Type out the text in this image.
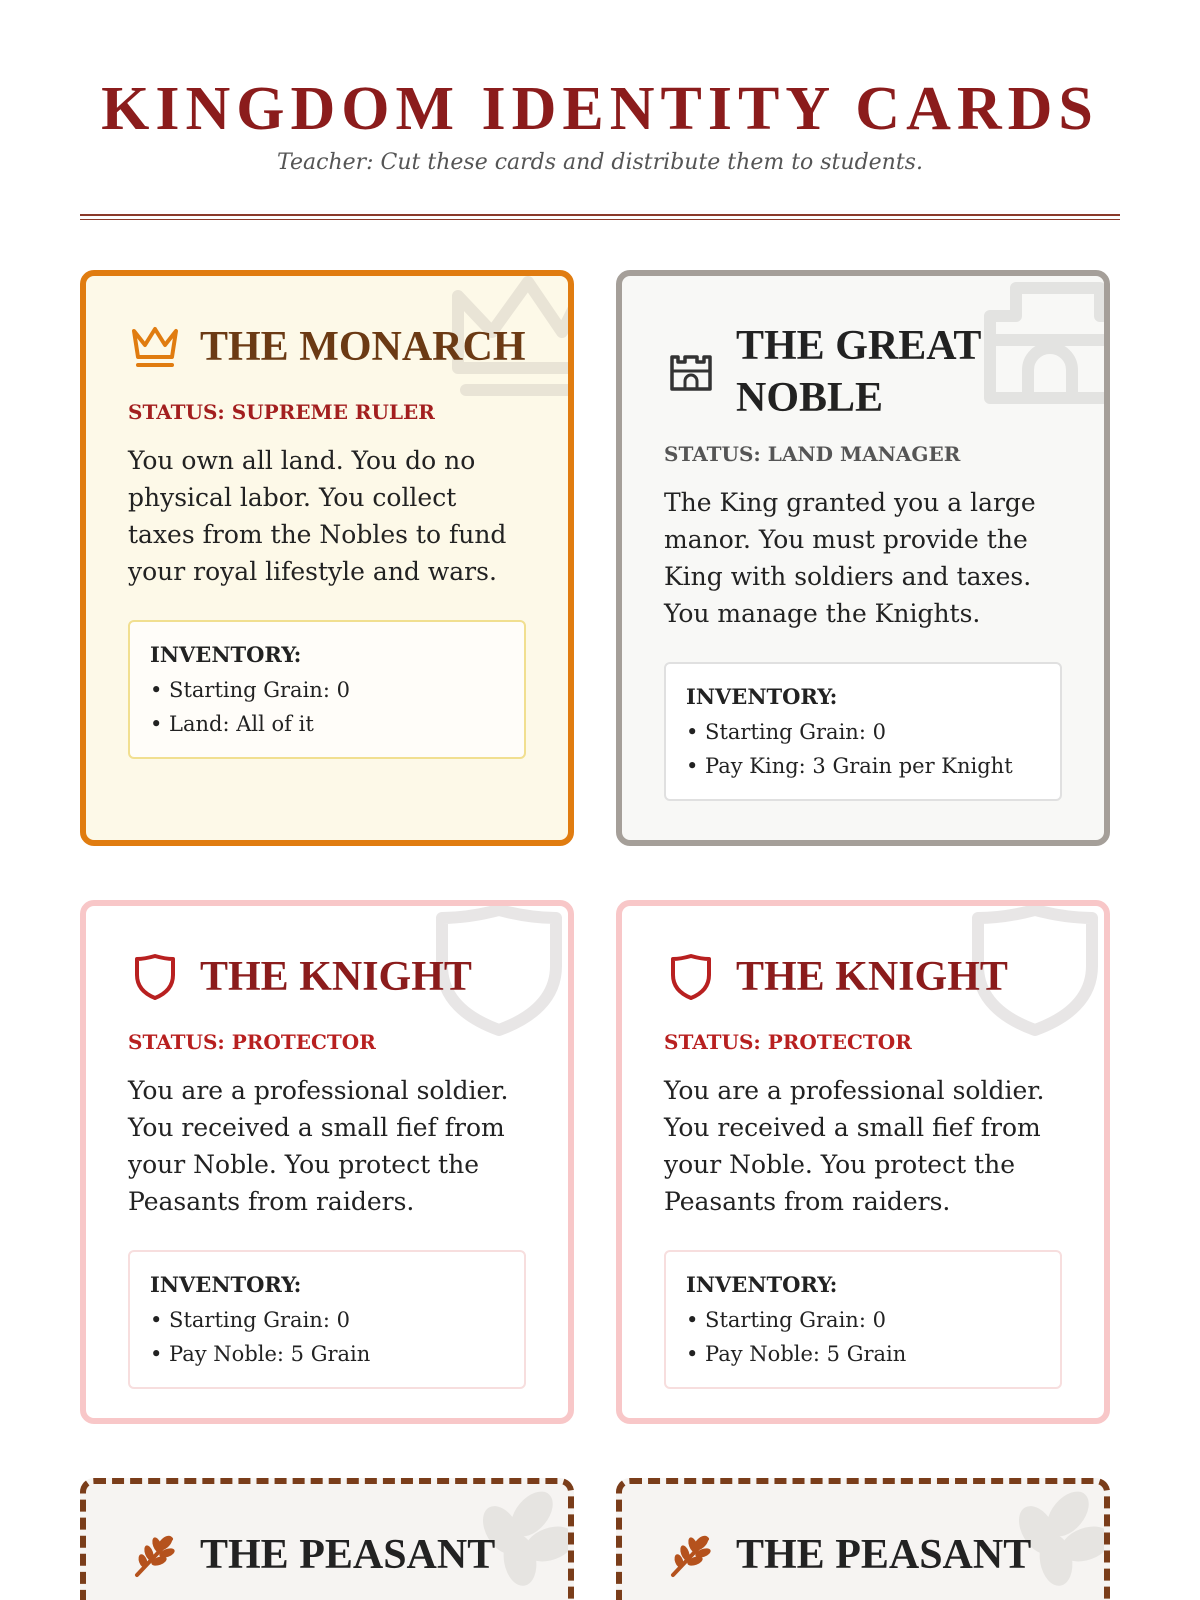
KINGDOM IDENTITY CARDS
Teacher: Cut these cards and distribute them to students.
THE MONARCH
STATUS: SUPREME RULER
You own all land. You do no physical labor. You collect taxes from the Nobles to fund your royal lifestyle and wars.
INVENTORY:
• Starting Grain: 0
• Land: All of it
THE GREAT NOBLE
STATUS: LAND MANAGER
The King granted you a large manor. You must provide the King with soldiers and taxes. You manage the Knights.
INVENTORY:
• Starting Grain: 0
• Pay King: 3 Grain per Knight
THE KNIGHT
STATUS: PROTECTOR
You are a professional soldier. You received a small fief from your Noble. You protect the Peasants from raiders.
INVENTORY:
• Starting Grain: 0
• Pay Noble: 5 Grain
THE KNIGHT
STATUS: PROTECTOR
You are a professional soldier. You received a small fief from your Noble. You protect the Peasants from raiders.
INVENTORY:
• Starting Grain: 0
• Pay Noble: 5 Grain
THE PEASANT	THE PEASANT
